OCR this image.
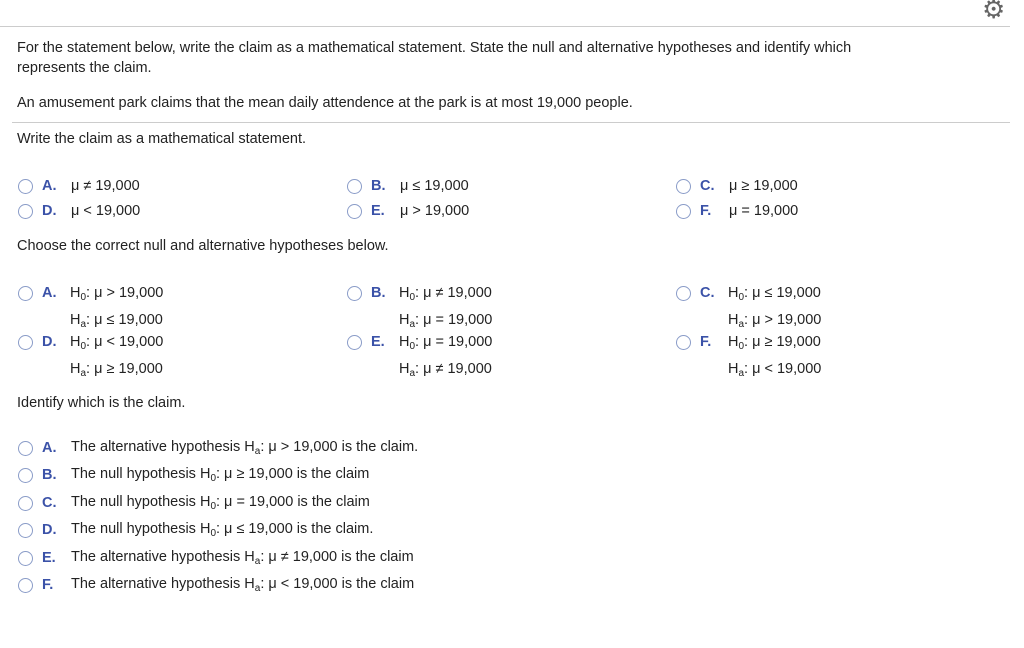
⚙
For the statement below, write the claim as a mathematical statement. State the null and alternative hypotheses and identify which
represents the claim.
An amusement park claims that the mean daily attendence at the park is at most 19,000 people.
Write the claim as a mathematical statement.
A.	μ ≠ 19,000	B.	μ ≤ 19,000	C.	μ ≥ 19,000
D.	μ < 19,000	E.	μ > 19,000	F.	μ = 19,000
Choose the correct null and alternative hypotheses below.
A. $H_0$: μ > 19,000
$H_a$: μ ≤ 19,000
B. $H_0$: μ ≠ 19,000
$H_a$: μ = 19,000
C. $H_0$: μ ≤ 19,000
$H_a$: μ > 19,000
D. $H_0$: μ < 19,000
$H_a$: μ ≥ 19,000
E. $H_0$: μ = 19,000
$H_a$: μ ≠ 19,000
F.	$H_0$: μ ≥ 19,000
$H_a$: μ < 19,000
Identify which is the claim.
A.	The alternative hypothesis $H_a$: μ > 19,000 is the claim.
B.	The null hypothesis $H_0$: μ ≥ 19,000 is the claim
C.	The null hypothesis $H_0$: μ = 19,000 is the claim
D.	The null hypothesis $H_0$: μ ≤ 19,000 is the claim.
E.	The alternative hypothesis $H_a$: μ ≠ 19,000 is the claim
F.	The alternative hypothesis $H_a$: μ < 19,000 is the claim
